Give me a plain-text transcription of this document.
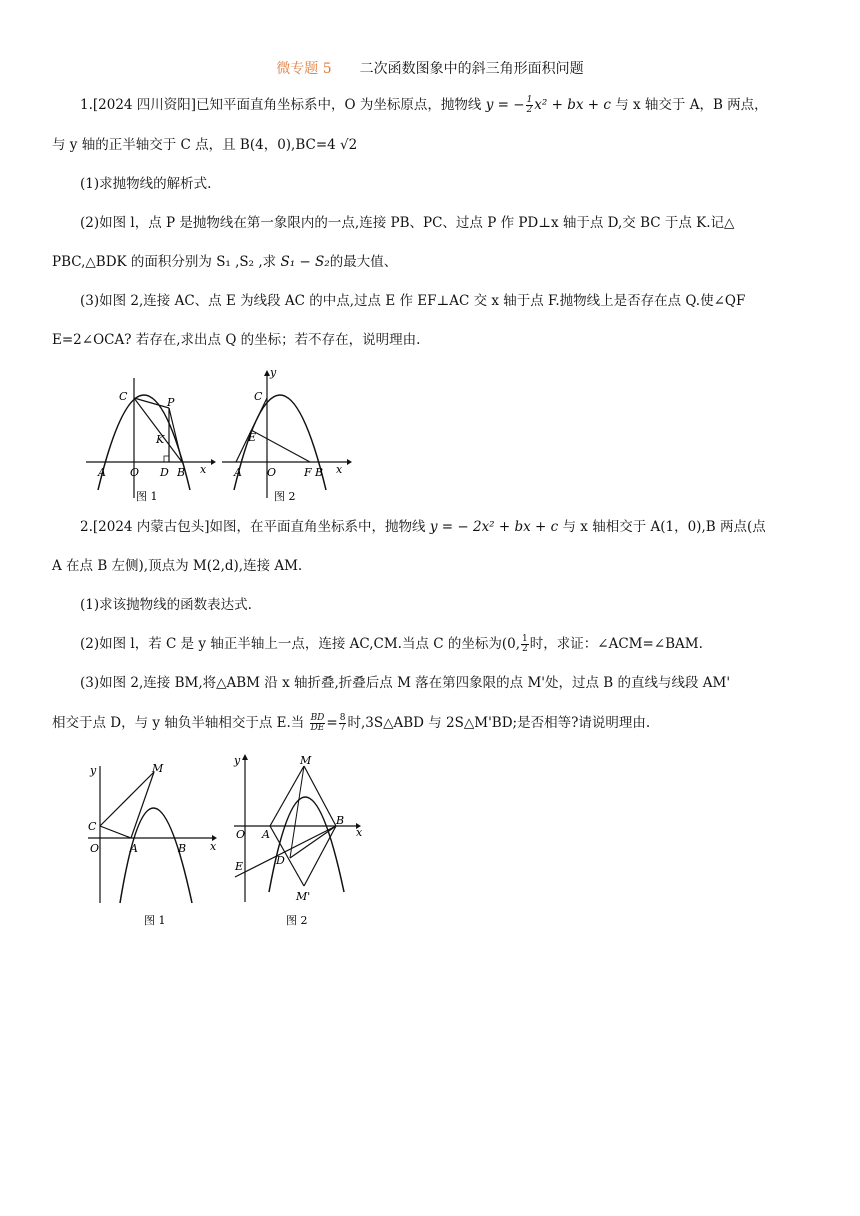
微专题 5 二次函数图象中的斜三角形面积问题
1.[2024 四川资阳]已知平面直角坐标系中，O 为坐标原点，抛物线 y = − $\frac{1}{2} x^2$ + bx + c 与 x 轴交于 A，B 两点，
与 y 轴的正半轴交于 C 点，且 B(4，0),BC=4 √2
(1)求抛物线的解析式.
(2)如图 l，点 P 是抛物线在第一象限内的一点,连接 PB、PC、过点 P 作 PD⊥x 轴于点 D,交 BC 于点 K.记△
PBC,△BDK 的面积分别为 S₁ ,S₂ ,求 S₁ − S₂的最大值、
(3)如图 2,连接 AC、点 E 为线段 AC 的中点,过点 E 作 EF⊥AC 交 x 轴于点 F.抛物线上是否存在点 Q.使∠QF
E=2∠OCA? 若存在,求出点 Q 的坐标；若不存在，说明理由.
C	P
K
A O D B x
图 1
y
C
E
A O	F B x
图 2
2.[2024 内蒙古包头]如图，在平面直角坐标系中，抛物线 y = − 2x² + bx + c 与 x 轴相交于 A(1，0),B 两点(点
A 在点 B 左侧),顶点为 M(2,d),连接 AM.
(1)求该抛物线的函数表达式.
(2)如图 l，若 C 是 y 轴正半轴上一点，连接 AC,CM.当点 C 的坐标为(0, $\frac{1}{2}$ 时，求证：∠ACM=∠BAM.
(3)如图 2,连接 BM,将△ABM 沿 x 轴折叠,折叠后点 M 落在第四象限的点 M'处，过点 B 的直线与线段 AM'
相交于点 D，与 y 轴负半轴相交于点 E.当 $\frac{BD}{DE} = \frac{8}{7}$ 时,3S△ABD 与 2S△M'BD;是否相等?请说明理由.
y	M
C
O	A	B x
图 1
y	M
O A
B
x
E	D
M'
图 2
